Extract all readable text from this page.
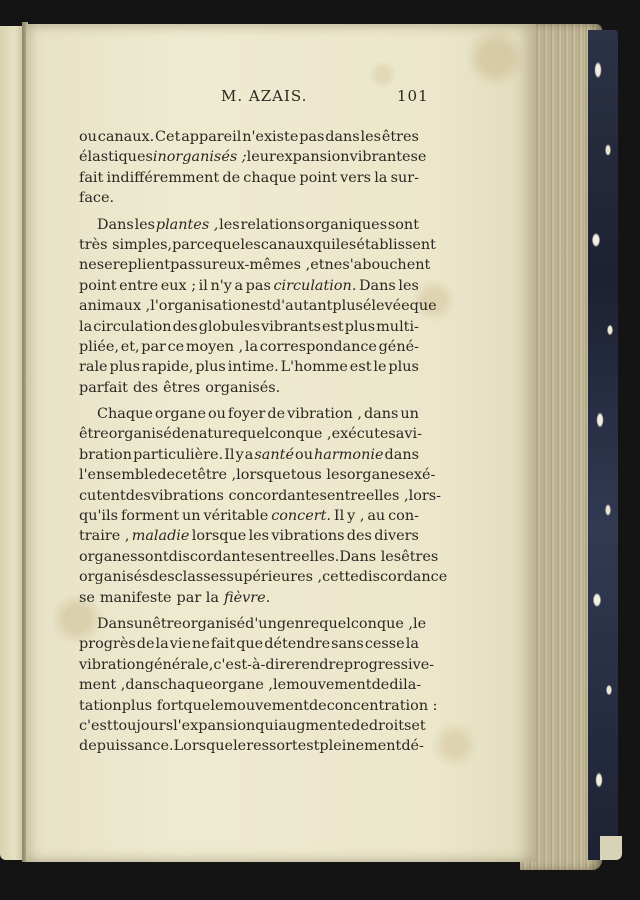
M. AZAIS.	101
ou canaux. Cet appareil n'existe pas dans les êtres
élastiques inorganisés ; leur expansion vibrante se
fait indifféremment de chaque point vers la sur-
face.
Dans les plantes , les relations organiques sont
très simples, parce que les canaux qui les établissent
ne se replient pas sur eux-mêmes , et ne s'abouchent
point entre eux ; il n'y a pas circulation. Dans les
animaux , l'organisation est d'autant plus élevée que
la circulation des globules vibrants est plus multi-
pliée, et, par ce moyen , la correspondance géné-
rale plus rapide, plus intime. L'homme est le plus
parfait des êtres organisés.
Chaque organe ou foyer de vibration , dans un
être organisé de nature quelconque , exécute sa vi-
bration particulière. Il y a santé ou harmonie dans
l'ensemble de cet être , lorsque tous les organes exé-
cutent des vibrations concordantes entre elles , lors-
qu'ils forment un véritable concert. Il y , au con-
traire , maladie lorsque les vibrations des divers
organes sont discordantes entre elles. Dans les êtres
organisés des classes supérieures , cette discordance
se manifeste par la fièvre.
Dans un être organisé d'un genre quelconque , le
progrès de la vie ne fait que détendre sans cesse la
vibration générale, c'est-à-dire rendre progressive-
ment , dans chaque organe , le mouvement de dila-
tation plus fort que le mouvement de concentration :
c'est toujours l'expansion qui augmente de droits et
de puissance. Lorsque le ressort est pleinement dé-
